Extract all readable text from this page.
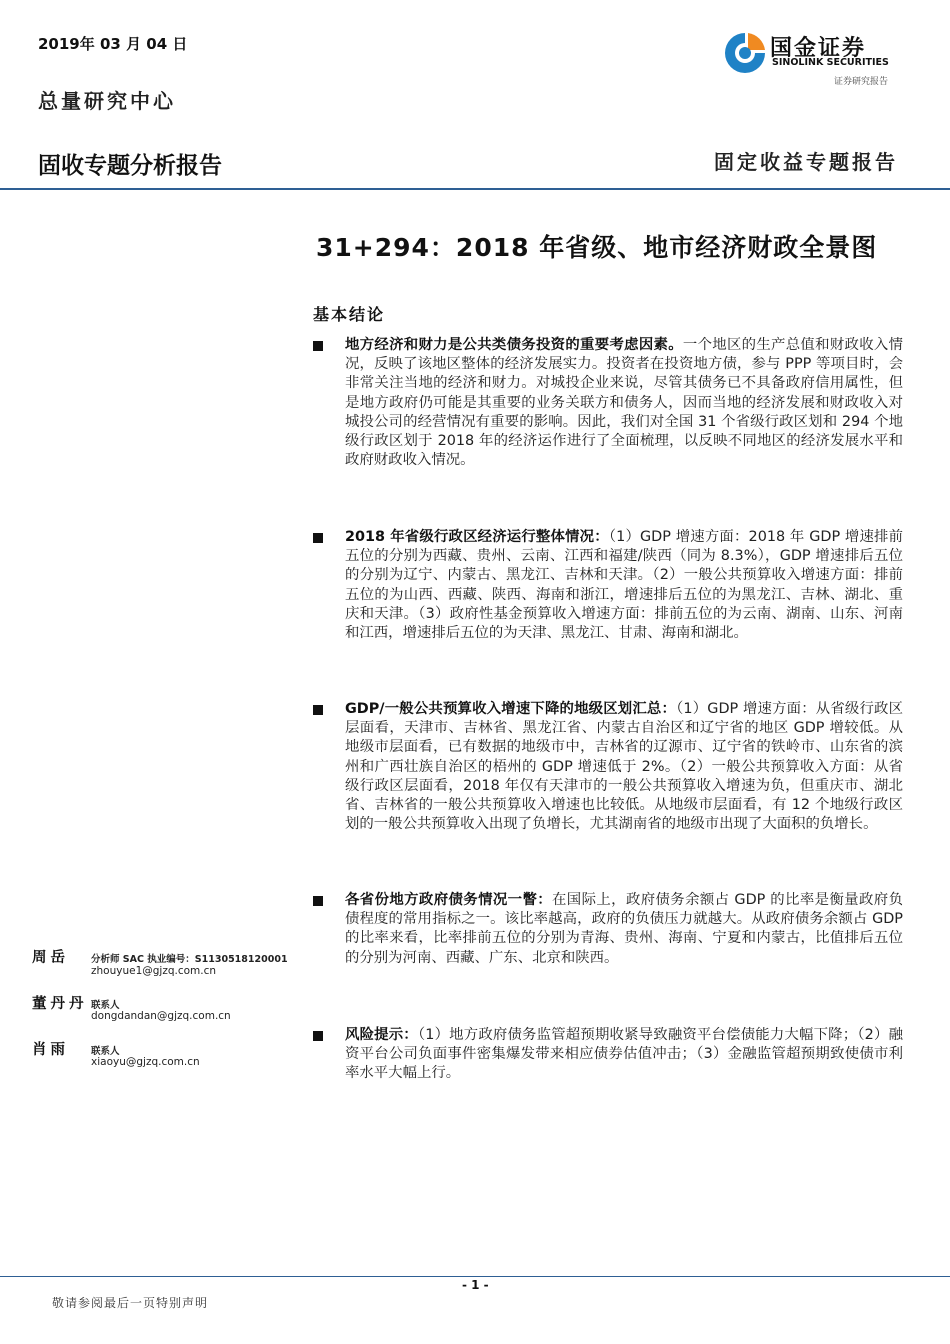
2019年 03 月 04 日
总量研究中心
固收专题分析报告	固定收益专题报告
国金证券
SINOLINK SECURITIES
证券研究报告
31+294：2018 年省级、地市经济财政全景图
基本结论
地方经济和财力是公共类债务投资的重要考虑因素。一个地区的生产总值和财政收入情况，反映了该地区整体的经济发展实力。投资者在投资地方债，参与 PPP 等项目时，会非常关注当地的经济和财力。对城投企业来说，尽管其债务已不具备政府信用属性，但是地方政府仍可能是其重要的业务关联方和债务人，因而当地的经济发展和财政收入对城投公司的经营情况有重要的影响。因此，我们对全国 31 个省级行政区划和 294 个地级行政区划于 2018 年的经济运作进行了全面梳理，以反映不同地区的经济发展水平和政府财政收入情况。
2018 年省级行政区经济运行整体情况：（1）GDP 增速方面：2018 年 GDP 增速排前五位的分别为西藏、贵州、云南、江西和福建/陕西（同为 8.3%），GDP 增速排后五位的分别为辽宁、内蒙古、黑龙江、吉林和天津。（2）一般公共预算收入增速方面：排前五位的为山西、西藏、陕西、海南和浙江，增速排后五位的为黑龙江、吉林、湖北、重庆和天津。（3）政府性基金预算收入增速方面：排前五位的为云南、湖南、山东、河南和江西，增速排后五位的为天津、黑龙江、甘肃、海南和湖北。
GDP/一般公共预算收入增速下降的地级区划汇总：（1）GDP 增速方面：从省级行政区层面看，天津市、吉林省、黑龙江省、内蒙古自治区和辽宁省的地区 GDP 增较低。从地级市层面看，已有数据的地级市中，吉林省的辽源市、辽宁省的铁岭市、山东省的滨州和广西壮族自治区的梧州的 GDP 增速低于 2%。（2）一般公共预算收入方面：从省级行政区层面看，2018 年仅有天津市的一般公共预算收入增速为负，但重庆市、湖北省、吉林省的一般公共预算收入增速也比较低。从地级市层面看，有 12 个地级行政区划的一般公共预算收入出现了负增长，尤其湖南省的地级市出现了大面积的负增长。
各省份地方政府债务情况一瞥：在国际上，政府债务余额占 GDP 的比率是衡量政府负债程度的常用指标之一。该比率越高，政府的负债压力就越大。从政府债务余额占 GDP 的比率来看，比率排前五位的分别为青海、贵州、海南、宁夏和内蒙古，比值排后五位的分别为河南、西藏、广东、北京和陕西。
风险提示：（1）地方政府债务监管超预期收紧导致融资平台偿债能力大幅下降；（2）融资平台公司负面事件密集爆发带来相应债券估值冲击；（3）金融监管超预期致使债市利率水平大幅上行。
周岳 分析师 SAC 执业编号：S1130518120001
zhouyue1@gjzq.com.cn
董丹丹 联系人
dongdandan@gjzq.com.cn
肖雨 联系人
xiaoyu@gjzq.com.cn
- 1 -
敬请参阅最后一页特别声明
